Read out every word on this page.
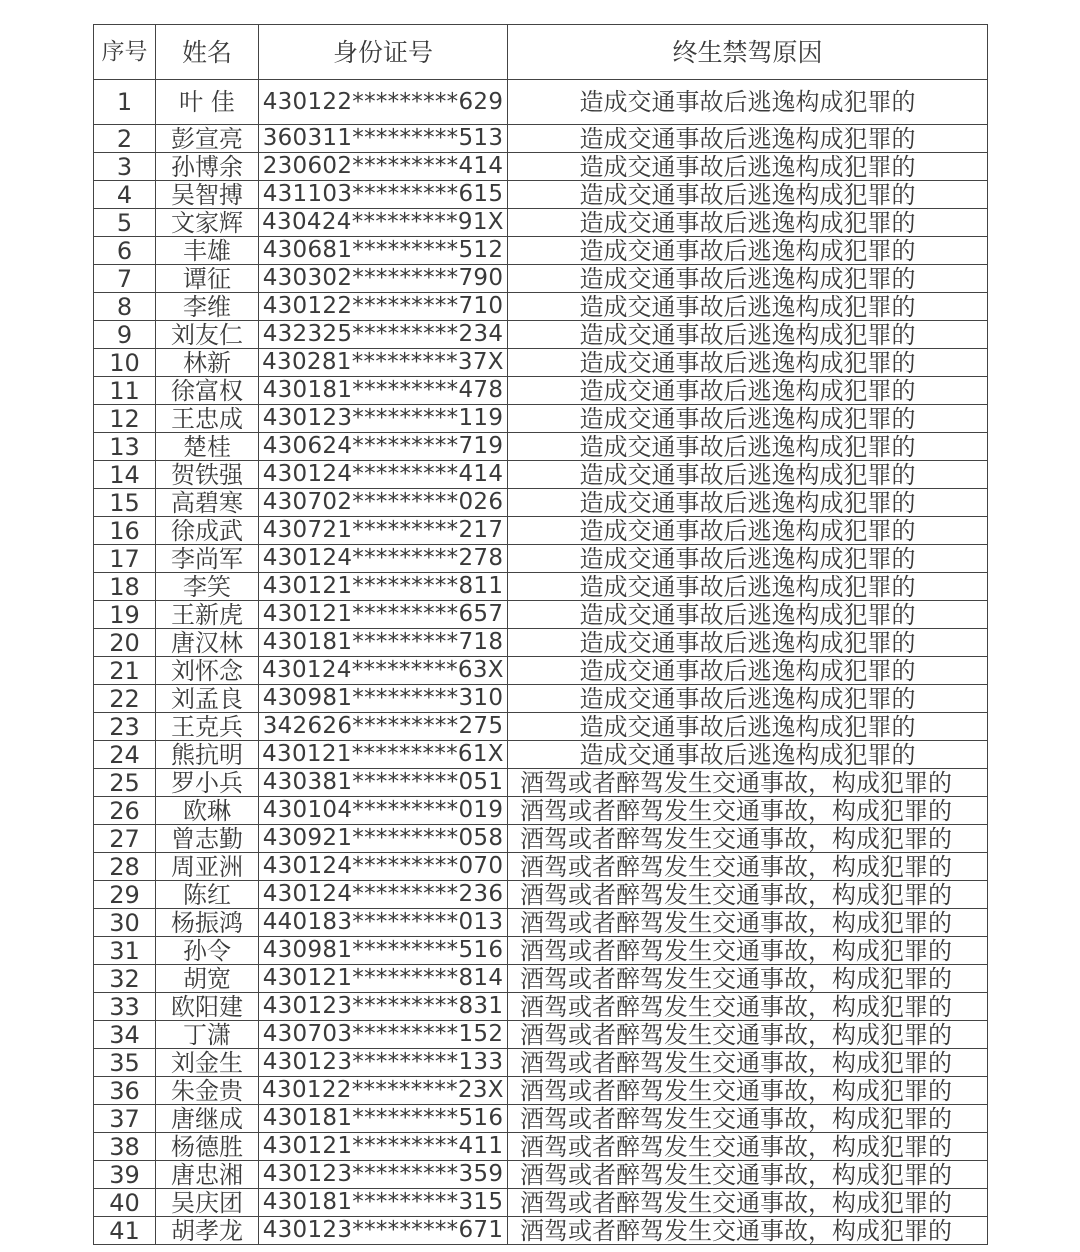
序号	姓名	身份证号	终生禁驾原因
1	叶 佳	430122*********629	造成交通事故后逃逸构成犯罪的
2	彭宣亮	360311*********513	造成交通事故后逃逸构成犯罪的
3	孙博余	230602*********414	造成交通事故后逃逸构成犯罪的
4	吴智搏	431103*********615	造成交通事故后逃逸构成犯罪的
5	文家辉	430424*********91X	造成交通事故后逃逸构成犯罪的
6	丰雄	430681*********512	造成交通事故后逃逸构成犯罪的
7	谭征	430302*********790	造成交通事故后逃逸构成犯罪的
8	李维	430122*********710	造成交通事故后逃逸构成犯罪的
9	刘友仁	432325*********234	造成交通事故后逃逸构成犯罪的
10	林新	430281*********37X	造成交通事故后逃逸构成犯罪的
11	徐富权	430181*********478	造成交通事故后逃逸构成犯罪的
12	王忠成	430123*********119	造成交通事故后逃逸构成犯罪的
13	楚桂	430624*********719	造成交通事故后逃逸构成犯罪的
14	贺铁强	430124*********414	造成交通事故后逃逸构成犯罪的
15	高碧寒	430702*********026	造成交通事故后逃逸构成犯罪的
16	徐成武	430721*********217	造成交通事故后逃逸构成犯罪的
17	李尚军	430124*********278	造成交通事故后逃逸构成犯罪的
18	李笑	430121*********811	造成交通事故后逃逸构成犯罪的
19	王新虎	430121*********657	造成交通事故后逃逸构成犯罪的
20	唐汉林	430181*********718	造成交通事故后逃逸构成犯罪的
21	刘怀念	430124*********63X	造成交通事故后逃逸构成犯罪的
22	刘孟良	430981*********310	造成交通事故后逃逸构成犯罪的
23	王克兵	342626*********275	造成交通事故后逃逸构成犯罪的
24	熊抗明	430121*********61X	造成交通事故后逃逸构成犯罪的
25	罗小兵	430381*********051	酒驾或者醉驾发生交通事故，构成犯罪的
26	欧琳	430104*********019	酒驾或者醉驾发生交通事故，构成犯罪的
27	曾志勤	430921*********058	酒驾或者醉驾发生交通事故，构成犯罪的
28	周亚洲	430124*********070	酒驾或者醉驾发生交通事故，构成犯罪的
29	陈红	430124*********236	酒驾或者醉驾发生交通事故，构成犯罪的
30	杨振鸿	440183*********013	酒驾或者醉驾发生交通事故，构成犯罪的
31	孙令	430981*********516	酒驾或者醉驾发生交通事故，构成犯罪的
32	胡宽	430121*********814	酒驾或者醉驾发生交通事故，构成犯罪的
33	欧阳建	430123*********831	酒驾或者醉驾发生交通事故，构成犯罪的
34	丁潇	430703*********152	酒驾或者醉驾发生交通事故，构成犯罪的
35	刘金生	430123*********133	酒驾或者醉驾发生交通事故，构成犯罪的
36	朱金贵	430122*********23X	酒驾或者醉驾发生交通事故，构成犯罪的
37	唐继成	430181*********516	酒驾或者醉驾发生交通事故，构成犯罪的
38	杨德胜	430121*********411	酒驾或者醉驾发生交通事故，构成犯罪的
39	唐忠湘	430123*********359	酒驾或者醉驾发生交通事故，构成犯罪的
40	吴庆团	430181*********315	酒驾或者醉驾发生交通事故，构成犯罪的
41	胡孝龙	430123*********671	酒驾或者醉驾发生交通事故，构成犯罪的
